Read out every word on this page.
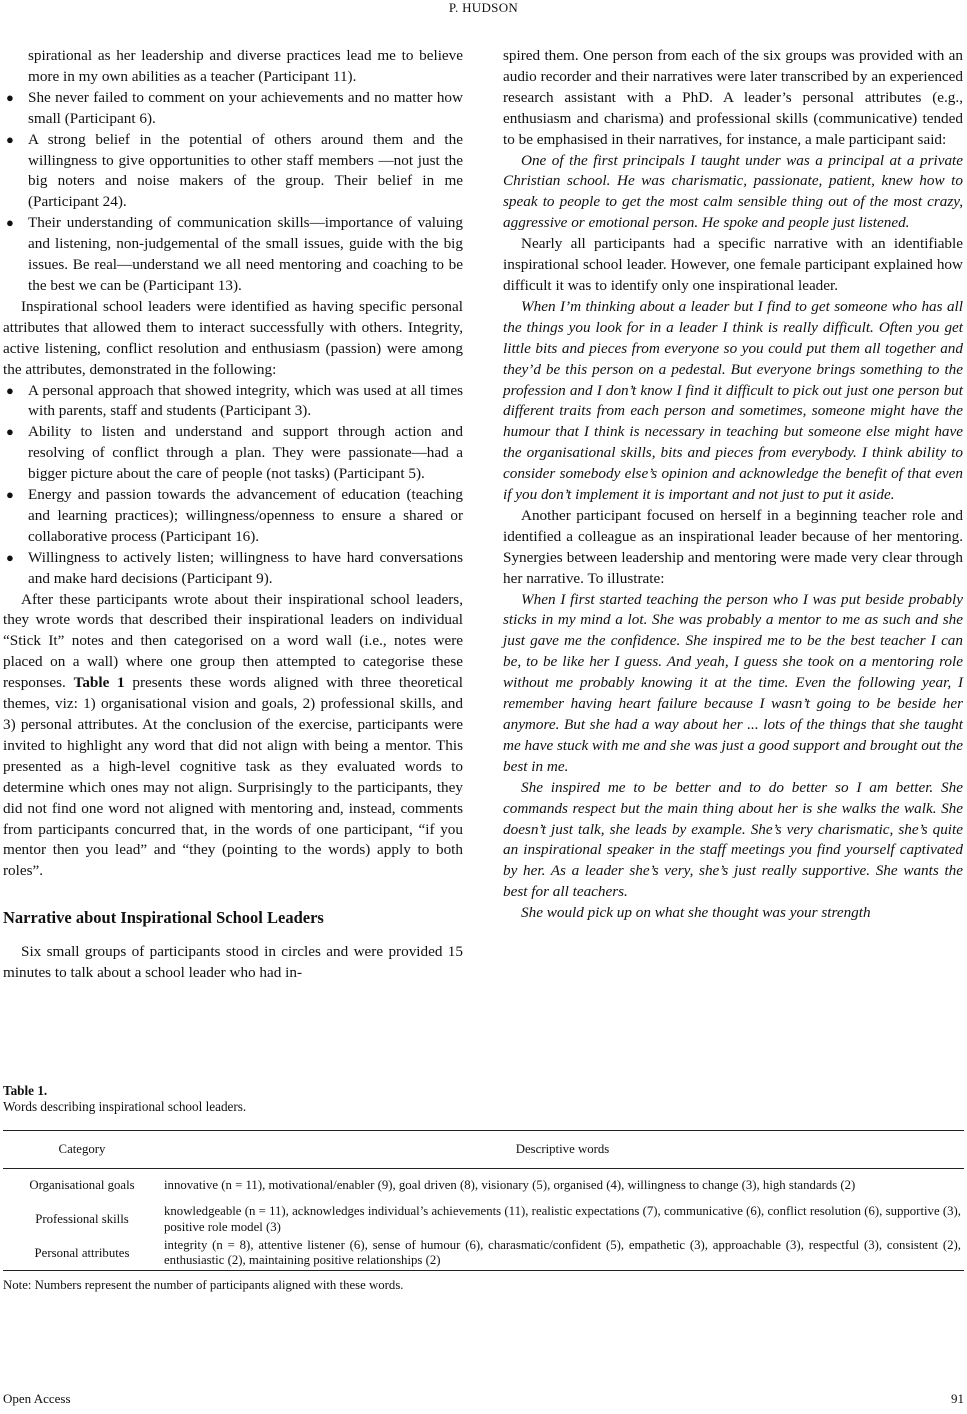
P. HUDSON
spirational as her leadership and diverse practices lead me to believe more in my own abilities as a teacher (Participant 11).
● She never failed to comment on your achievements and no matter how small (Participant 6).
● A strong belief in the potential of others around them and the willingness to give opportunities to other staff members —not just the big noters and noise makers of the group. Their belief in me (Participant 24).
● Their understanding of communication skills—importance of valuing and listening, non-judgemental of the small issues, guide with the big issues. Be real—understand we all need mentoring and coaching to be the best we can be (Participant 13).

Inspirational school leaders were identified as having specific personal attributes that allowed them to interact successfully with others. Integrity, active listening, conflict resolution and enthusiasm (passion) were among the attributes, demonstrated in the following:

● A personal approach that showed integrity, which was used at all times with parents, staff and students (Participant 3).
● Ability to listen and understand and support through action and resolving of conflict through a plan. They were passionate—had a bigger picture about the care of people (not tasks) (Participant 5).
● Energy and passion towards the advancement of education (teaching and learning practices); willingness/openness to ensure a shared or collaborative process (Participant 16).
● Willingness to actively listen; willingness to have hard conversations and make hard decisions (Participant 9).

After these participants wrote about their inspirational school leaders, they wrote words that described their inspirational leaders on individual “Stick It” notes and then categorised on a word wall (i.e., notes were placed on a wall) where one group then attempted to categorise these responses. Table 1 presents these words aligned with three theoretical themes, viz: 1) organisational vision and goals, 2) professional skills, and 3) personal attributes. At the conclusion of the exercise, participants were invited to highlight any word that did not align with being a mentor. This presented as a high-level cognitive task as they evaluated words to determine which ones may not align. Surprisingly to the participants, they did not find one word not aligned with mentoring and, instead, comments from participants concurred that, in the words of one participant, “if you mentor then you lead” and “they (pointing to the words) apply to both roles”.

Narrative about Inspirational School Leaders

Six small groups of participants stood in circles and were provided 15 minutes to talk about a school leader who had in-

spired them. One person from each of the six groups was provided with an audio recorder and their narratives were later transcribed by an experienced research assistant with a PhD. A leader’s personal attributes (e.g., enthusiasm and charisma) and professional skills (communicative) tended to be emphasised in their narratives, for instance, a male participant said:

One of the first principals I taught under was a principal at a private Christian school. He was charismatic, passionate, patient, knew how to speak to people to get the most calm sensible thing out of the most crazy, aggressive or emotional person. He spoke and people just listened.

Nearly all participants had a specific narrative with an identifiable inspirational school leader. However, one female participant explained how difficult it was to identify only one inspirational leader.

When I’m thinking about a leader but I find to get someone who has all the things you look for in a leader I think is really difficult. Often you get little bits and pieces from everyone so you could put them all together and they’d be this person on a pedestal. But everyone brings something to the profession and I don’t know I find it difficult to pick out just one person but different traits from each person and sometimes, someone might have the humour that I think is necessary in teaching but someone else might have the organisational skills, bits and pieces from everybody. I think ability to consider somebody else’s opinion and acknowledge the benefit of that even if you don’t implement it is important and not just to put it aside.

Another participant focused on herself in a beginning teacher role and identified a colleague as an inspirational leader because of her mentoring. Synergies between leadership and mentoring were made very clear through her narrative. To illustrate:

When I first started teaching the person who I was put beside probably sticks in my mind a lot. She was probably a mentor to me as such and she just gave me the confidence. She inspired me to be the best teacher I can be, to be like her I guess. And yeah, I guess she took on a mentoring role without me probably knowing it at the time. Even the following year, I remember having heart failure because I wasn’t going to be beside her anymore. But she had a way about her ... lots of the things that she taught me have stuck with me and she was just a good support and brought out the best in me.

She inspired me to be better and to do better so I am better. She commands respect but the main thing about her is she walks the walk. She doesn’t just talk, she leads by example. She’s very charismatic, she’s quite an inspirational speaker in the staff meetings you find yourself captivated by her. As a leader she’s very, she’s just really supportive. She wants the best for all teachers.

She would pick up on what she thought was your strength

Table 1.
Words describing inspirational school leaders.
Category	Descriptive words
Organisational goals	innovative (n = 11), motivational/enabler (9), goal driven (8), visionary (5), organised (4), willingness to change (3), high standards (2)
Professional skills	knowledgeable (n = 11), acknowledges individual’s achievements (11), realistic expectations (7), communicative (6), conflict resolution (6), supportive (3), positive role model (3)
Personal attributes	integrity (n = 8), attentive listener (6), sense of humour (6), charasmatic/confident (5), empathetic (3), approachable (3), respectful (3), consistent (2), enthusiastic (2), maintaining positive relationships (2)
Note: Numbers represent the number of participants aligned with these words.
Open Access	91
